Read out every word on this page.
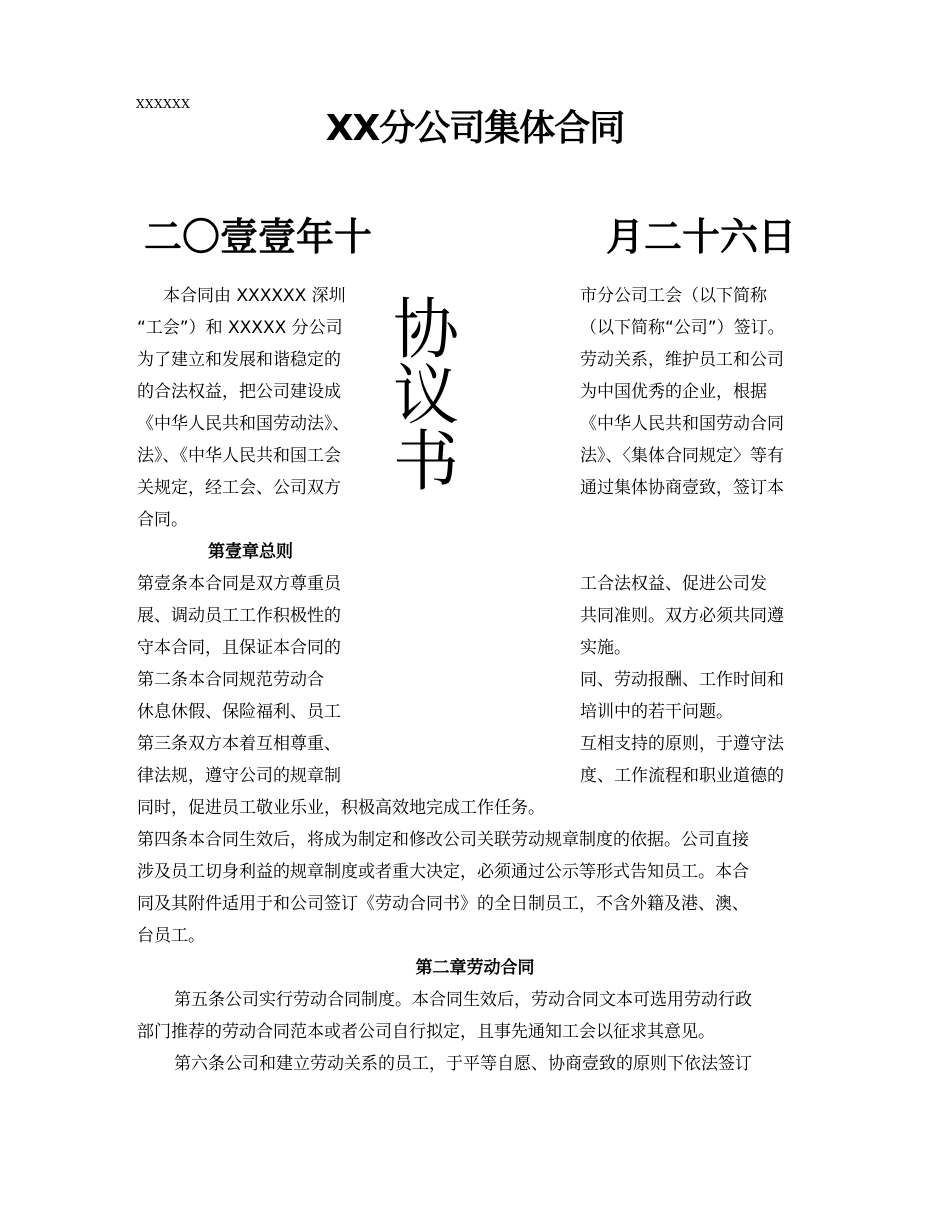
XXXXXX
XX分公司集体合同
二〇壹壹年十	月二十六日
协
议
书
本合同由 XXXXXX 深圳
“工会”）和 XXXXX 分公司
为了建立和发展和谐稳定的
的合法权益，把公司建设成
《中华人民共和国劳动法》、
法》、《中华人民共和国工会
关规定，经工会、公司双方
合同。
市分公司工会（以下简称
（以下简称“公司”）签订。
劳动关系，维护员工和公司
为中国优秀的企业，根据
《中华人民共和国劳动合同
法》、〈集体合同规定〉等有
通过集体协商壹致，签订本
第壹章总则
第壹条本合同是双方尊重员
展、调动员工工作积极性的
守本合同，且保证本合同的
第二条本合同规范劳动合
休息休假、保险福利、员工
第三条双方本着互相尊重、
律法规，遵守公司的规章制
工合法权益、促进公司发
共同准则。双方必须共同遵
实施。
同、劳动报酬、工作时间和
培训中的若干问题。
互相支持的原则，于遵守法
度、工作流程和职业道德的
同时，促进员工敬业乐业，积极高效地完成工作任务。
第四条本合同生效后，将成为制定和修改公司关联劳动规章制度的依据。公司直接
涉及员工切身利益的规章制度或者重大决定，必须通过公示等形式告知员工。本合
同及其附件适用于和公司签订《劳动合同书》的全日制员工，不含外籍及港、澳、
台员工。
第二章劳动合同
第五条公司实行劳动合同制度。本合同生效后，劳动合同文本可选用劳动行政
部门推荐的劳动合同范本或者公司自行拟定，且事先通知工会以征求其意见。
第六条公司和建立劳动关系的员工，于平等自愿、协商壹致的原则下依法签订
